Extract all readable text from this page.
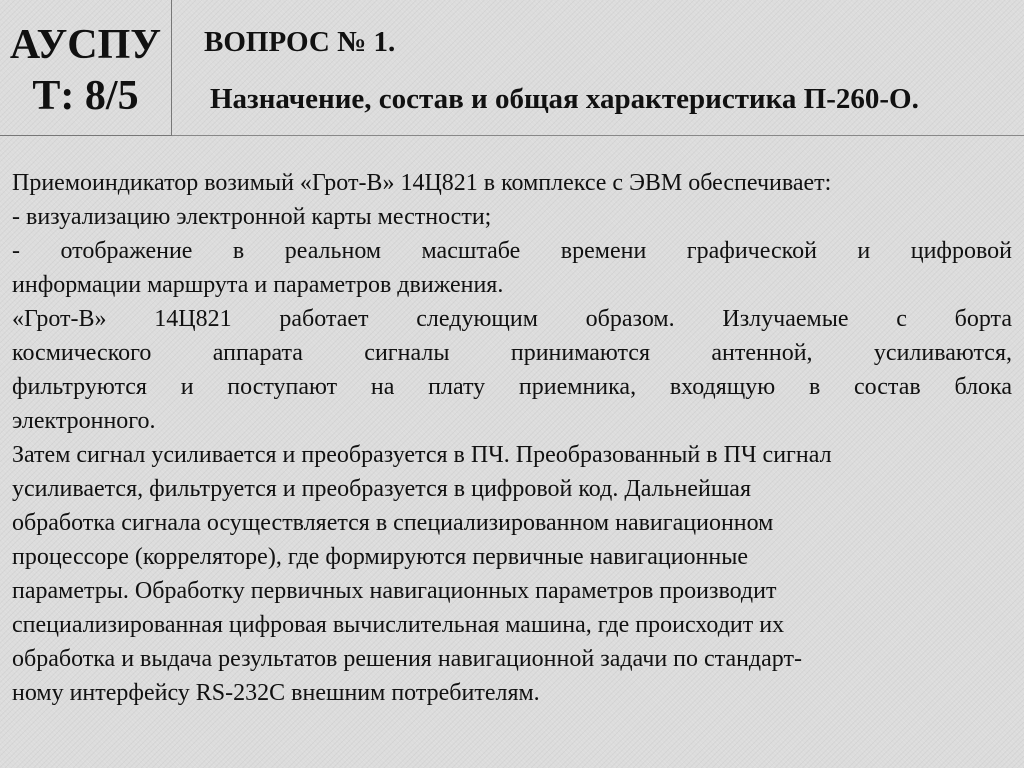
АУСПУ
Т: 8/5
ВОПРОС № 1.
Назначение, состав и общая характеристика П-260-О.
Приемоиндикатор возимый «Грот-В» 14Ц821 в комплексе с ЭВМ обеспечивает:
- визуализацию электронной карты местности;
- отображение в реальном масштабе времени графической и цифровой
информации маршрута и параметров движения.
«Грот-В» 14Ц821 работает следующим образом. Излучаемые с борта
космического аппарата сигналы принимаются антенной, усиливаются,
фильтруются и поступают на плату приемника, входящую в состав блока
электронного.
Затем сигнал усиливается и преобразуется в ПЧ. Преобразованный в ПЧ сигнал
усиливается, фильтруется и преобразуется в цифровой код. Дальнейшая
обработка сигнала осуществляется в специализированном навигационном
процессоре (корреляторе), где формируются первичные навигационные
параметры. Обработку первичных навигационных параметров производит
специализированная цифровая вычислительная машина, где происходит их
обработка и выдача результатов решения навигационной задачи по стандарт-
ному интерфейсу RS-232C внешним потребителям.
